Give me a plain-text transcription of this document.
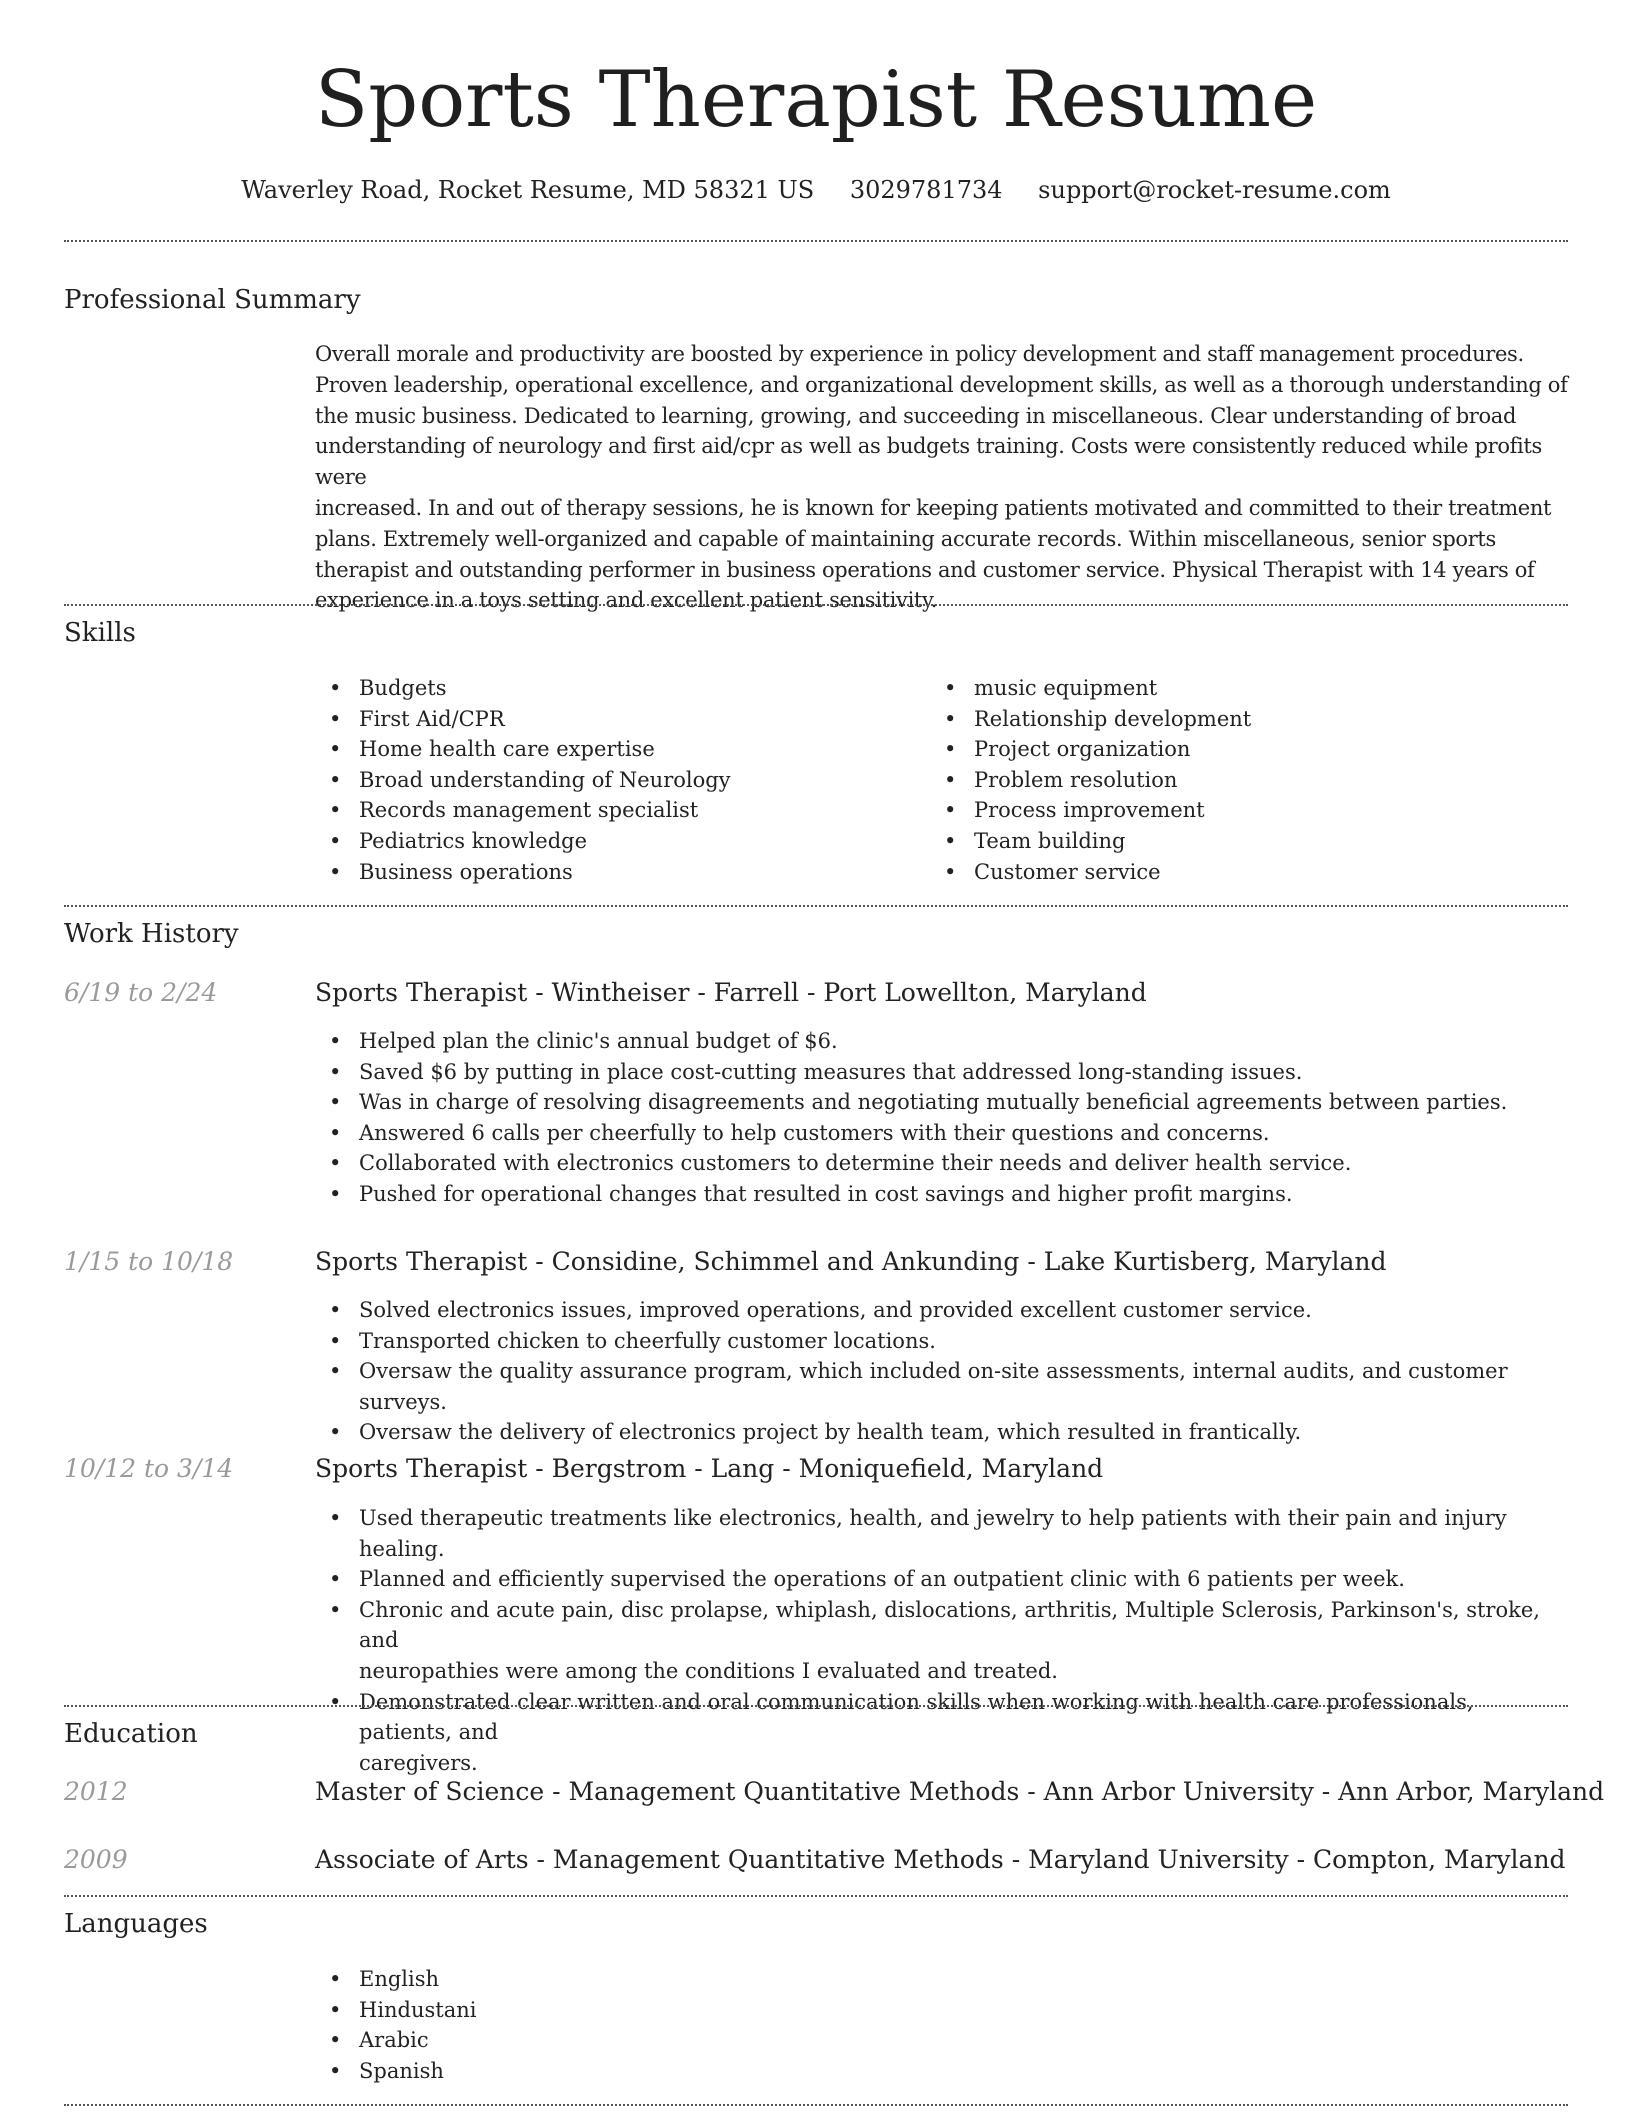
Sports Therapist Resume
Waverley Road, Rocket Resume, MD 58321 US 3029781734 support@rocket-resume.com
Professional Summary
Overall morale and productivity are boosted by experience in policy development and staff management procedures.
Proven leadership, operational excellence, and organizational development skills, as well as a thorough understanding of
the music business. Dedicated to learning, growing, and succeeding in miscellaneous. Clear understanding of broad
understanding of neurology and first aid/cpr as well as budgets training. Costs were consistently reduced while profits were
increased. In and out of therapy sessions, he is known for keeping patients motivated and committed to their treatment
plans. Extremely well-organized and capable of maintaining accurate records. Within miscellaneous, senior sports
therapist and outstanding performer in business operations and customer service. Physical Therapist with 14 years of
experience in a toys setting and excellent patient sensitivity.
Skills
• Budgets
• First Aid/CPR
• Home health care expertise
• Broad understanding of Neurology
• Records management specialist
• Pediatrics knowledge
• Business operations
• music equipment
• Relationship development
• Project organization
• Problem resolution
• Process improvement
• Team building
• Customer service
Work History
6/19 to 2/24	Sports Therapist - Wintheiser - Farrell - Port Lowellton, Maryland
• Helped plan the clinic's annual budget of $6.
• Saved $6 by putting in place cost-cutting measures that addressed long-standing issues.
• Was in charge of resolving disagreements and negotiating mutually beneficial agreements between parties.
• Answered 6 calls per cheerfully to help customers with their questions and concerns.
• Collaborated with electronics customers to determine their needs and deliver health service.
• Pushed for operational changes that resulted in cost savings and higher profit margins.
1/15 to 10/18	Sports Therapist - Considine, Schimmel and Ankunding - Lake Kurtisberg, Maryland
• Solved electronics issues, improved operations, and provided excellent customer service.
• Transported chicken to cheerfully customer locations.
• Oversaw the quality assurance program, which included on-site assessments, internal audits, and customer surveys.
• Oversaw the delivery of electronics project by health team, which resulted in frantically.
10/12 to 3/14	Sports Therapist - Bergstrom - Lang - Moniquefield, Maryland
• Used therapeutic treatments like electronics, health, and jewelry to help patients with their pain and injury healing.
• Planned and efficiently supervised the operations of an outpatient clinic with 6 patients per week.
• Chronic and acute pain, disc prolapse, whiplash, dislocations, arthritis, Multiple Sclerosis, Parkinson's, stroke, and
neuropathies were among the conditions I evaluated and treated.
• Demonstrated clear written and oral communication skills when working with health care professionals, patients, and
caregivers.
Education
2012	Master of Science - Management Quantitative Methods - Ann Arbor University - Ann Arbor, Maryland
2009	Associate of Arts - Management Quantitative Methods - Maryland University - Compton, Maryland
Languages
• English
• Hindustani
• Arabic
• Spanish
